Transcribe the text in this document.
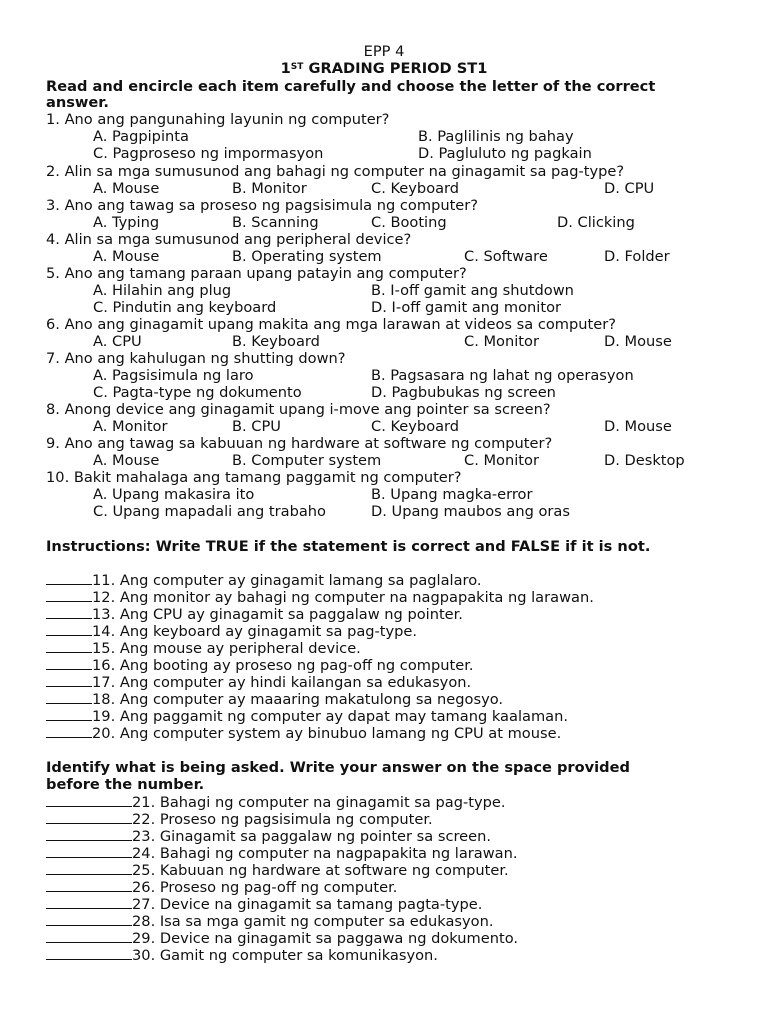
EPP 4
1ST GRADING PERIOD ST1
Read and encircle each item carefully and choose the letter of the correct
answer.
1. Ano ang pangunahing layunin ng computer?
A. Pagpipinta	B. Paglilinis ng bahay
C. Pagproseso ng impormasyon	D. Pagluluto ng pagkain
2. Alin sa mga sumusunod ang bahagi ng computer na ginagamit sa pag-type?
A. Mouse	B. Monitor	C. Keyboard	D. CPU
3. Ano ang tawag sa proseso ng pagsisimula ng computer?
A. Typing	B. Scanning	C. Booting	D. Clicking
4. Alin sa mga sumusunod ang peripheral device?
A. Mouse	B. Operating system	C. Software	D. Folder
5. Ano ang tamang paraan upang patayin ang computer?
A. Hilahin ang plug	B. I-off gamit ang shutdown
C. Pindutin ang keyboard	D. I-off gamit ang monitor
6. Ano ang ginagamit upang makita ang mga larawan at videos sa computer?
A. CPU	B. Keyboard	C. Monitor	D. Mouse
7. Ano ang kahulugan ng shutting down?
A. Pagsisimula ng laro	B. Pagsasara ng lahat ng operasyon
C. Pagta-type ng dokumento	D. Pagbubukas ng screen
8. Anong device ang ginagamit upang i-move ang pointer sa screen?
A. Monitor	B. CPU	C. Keyboard	D. Mouse
9. Ano ang tawag sa kabuuan ng hardware at software ng computer?
A. Mouse	B. Computer system	C. Monitor	D. Desktop
10. Bakit mahalaga ang tamang paggamit ng computer?
A. Upang makasira ito	B. Upang magka-error
C. Upang mapadali ang trabaho	D. Upang maubos ang oras
Instructions: Write TRUE if the statement is correct and FALSE if it is not.
11. Ang computer ay ginagamit lamang sa paglalaro.
12. Ang monitor ay bahagi ng computer na nagpapakita ng larawan.
13. Ang CPU ay ginagamit sa paggalaw ng pointer.
14. Ang keyboard ay ginagamit sa pag-type.
15. Ang mouse ay peripheral device.
16. Ang booting ay proseso ng pag-off ng computer.
17. Ang computer ay hindi kailangan sa edukasyon.
18. Ang computer ay maaaring makatulong sa negosyo.
19. Ang paggamit ng computer ay dapat may tamang kaalaman.
20. Ang computer system ay binubuo lamang ng CPU at mouse.
Identify what is being asked. Write your answer on the space provided
before the number.
21. Bahagi ng computer na ginagamit sa pag-type.
22. Proseso ng pagsisimula ng computer.
23. Ginagamit sa paggalaw ng pointer sa screen.
24. Bahagi ng computer na nagpapakita ng larawan.
25. Kabuuan ng hardware at software ng computer.
26. Proseso ng pag-off ng computer.
27. Device na ginagamit sa tamang pagta-type.
28. Isa sa mga gamit ng computer sa edukasyon.
29. Device na ginagamit sa paggawa ng dokumento.
30. Gamit ng computer sa komunikasyon.
